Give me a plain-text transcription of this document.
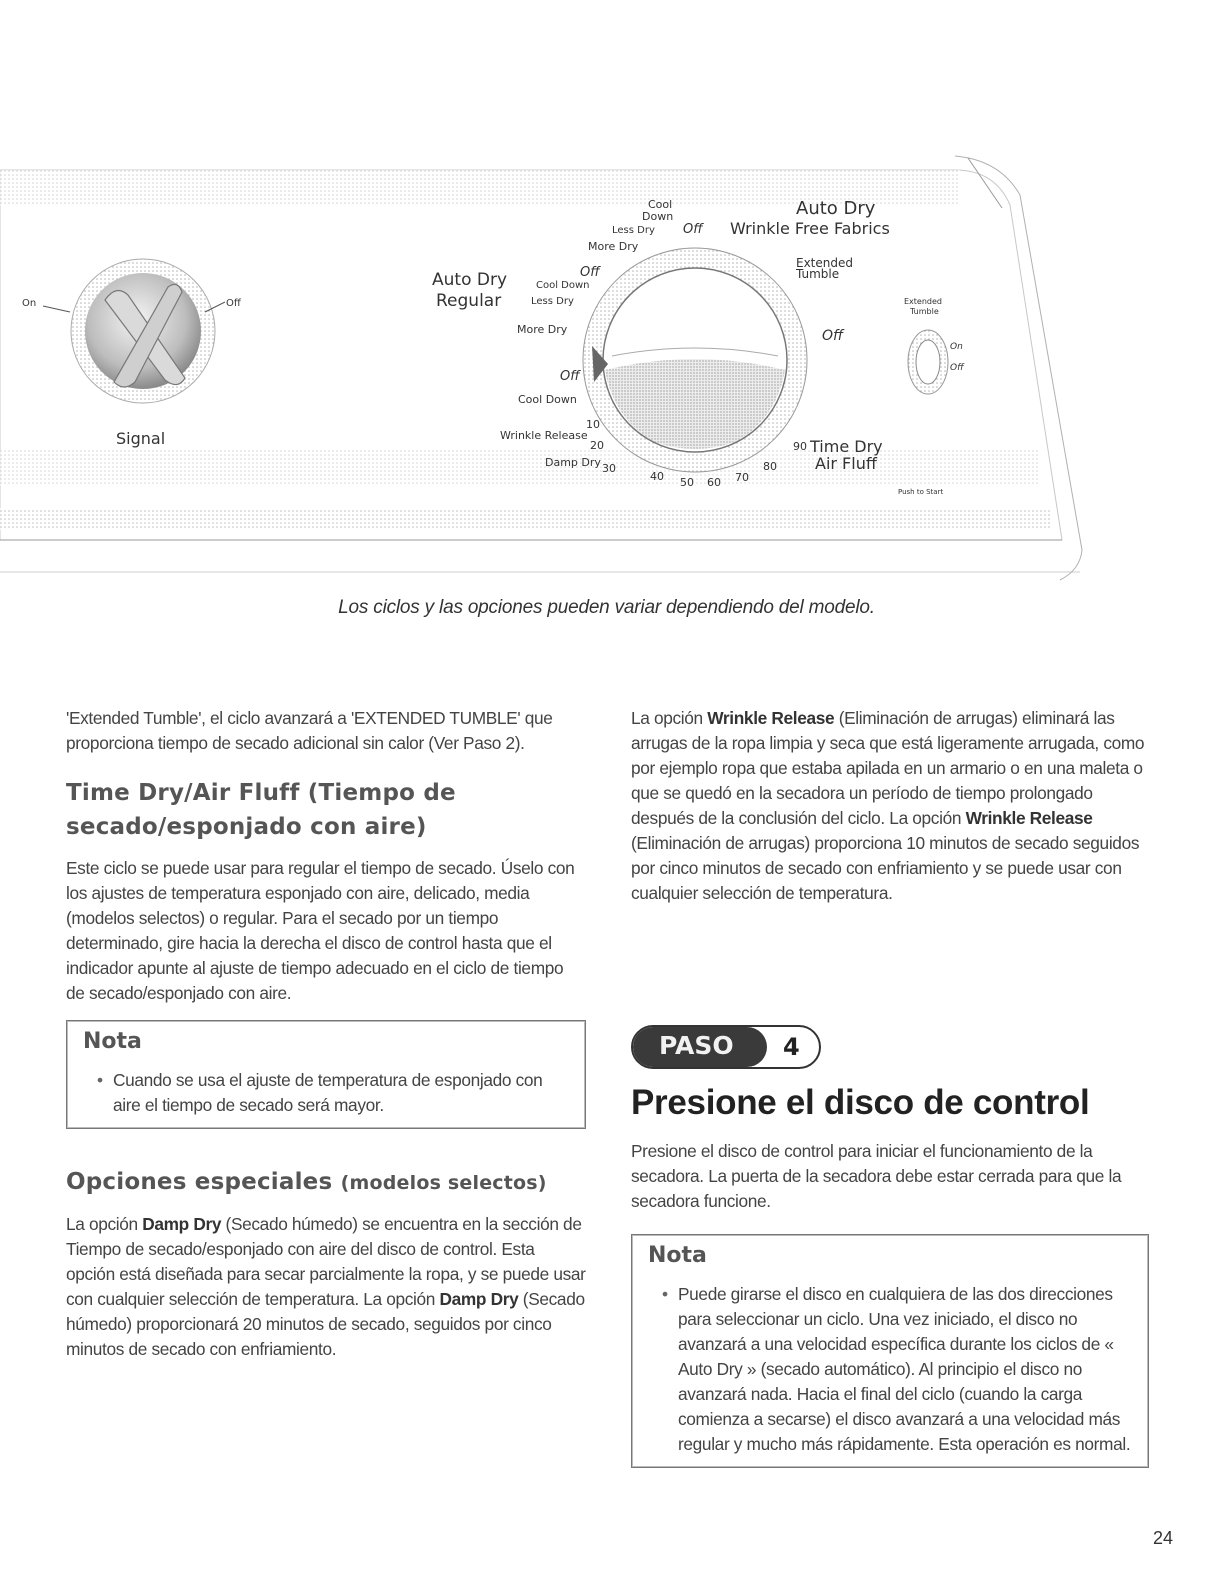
On	Off
Signal
Cool
Down
Less Dry Off
More Dry
Auto Dry
Wrinkle Free Fabrics
Extended
Tumble
Auto Dry
Regular
Off
Cool Down
Less Dry
More Dry
Off
Cool Down
10
Wrinkle Release
20
Damp Dry 30
40 50 60 70
80
90 Time Dry
Air Fluff
Off
Extended
Tumble
On
Off
Push to Start
Los ciclos y las opciones pueden variar dependiendo del modelo.

'Extended Tumble', el ciclo avanzará a 'EXTENDED TUMBLE' que proporciona tiempo de secado adicional sin calor (Ver Paso 2).

Time Dry/Air Fluff (Tiempo de secado/esponjado con aire)

Este ciclo se puede usar para regular el tiempo de secado. Úselo con los ajustes de temperatura esponjado con aire, delicado, media (modelos selectos) o regular. Para el secado por un tiempo determinado, gire hacia la derecha el disco de control hasta que el indicador apunte al ajuste de tiempo adecuado en el ciclo de tiempo de secado/esponjado con aire.

Nota
• Cuando se usa el ajuste de temperatura de esponjado con aire el tiempo de secado será mayor.
Opciones especiales (modelos selectos)

La opción Damp Dry (Secado húmedo) se encuentra en la sección de Tiempo de secado/esponjado con aire del disco de control. Esta opción está diseñada para secar parcialmente la ropa, y se puede usar con cualquier selección de temperatura. La opción Damp Dry (Secado húmedo) proporcionará 20 minutos de secado, seguidos por cinco minutos de secado con enfriamiento.

La opción Wrinkle Release (Eliminación de arrugas) eliminará las arrugas de la ropa limpia y seca que está ligeramente arrugada, como por ejemplo ropa que estaba apilada en un armario o en una maleta o que se quedó en la secadora un período de tiempo prolongado después de la conclusión del ciclo. La opción Wrinkle Release (Eliminación de arrugas) proporciona 10 minutos de secado seguidos por cinco minutos de secado con enfriamiento y se puede usar con cualquier selección de temperatura.

PASO 4
Presione el disco de control

Presione el disco de control para iniciar el funcionamiento de la secadora. La puerta de la secadora debe estar cerrada para que la secadora funcione.

Nota
• Puede girarse el disco en cualquiera de las dos direcciones para seleccionar un ciclo. Una vez iniciado, el disco no avanzará a una velocidad específica durante los ciclos de « Auto Dry » (secado automático). Al principio el disco no avanzará nada. Hacia el final del ciclo (cuando la carga comienza a secarse) el disco avanzará a una velocidad más regular y mucho más rápidamente. Esta operación es normal.
24
